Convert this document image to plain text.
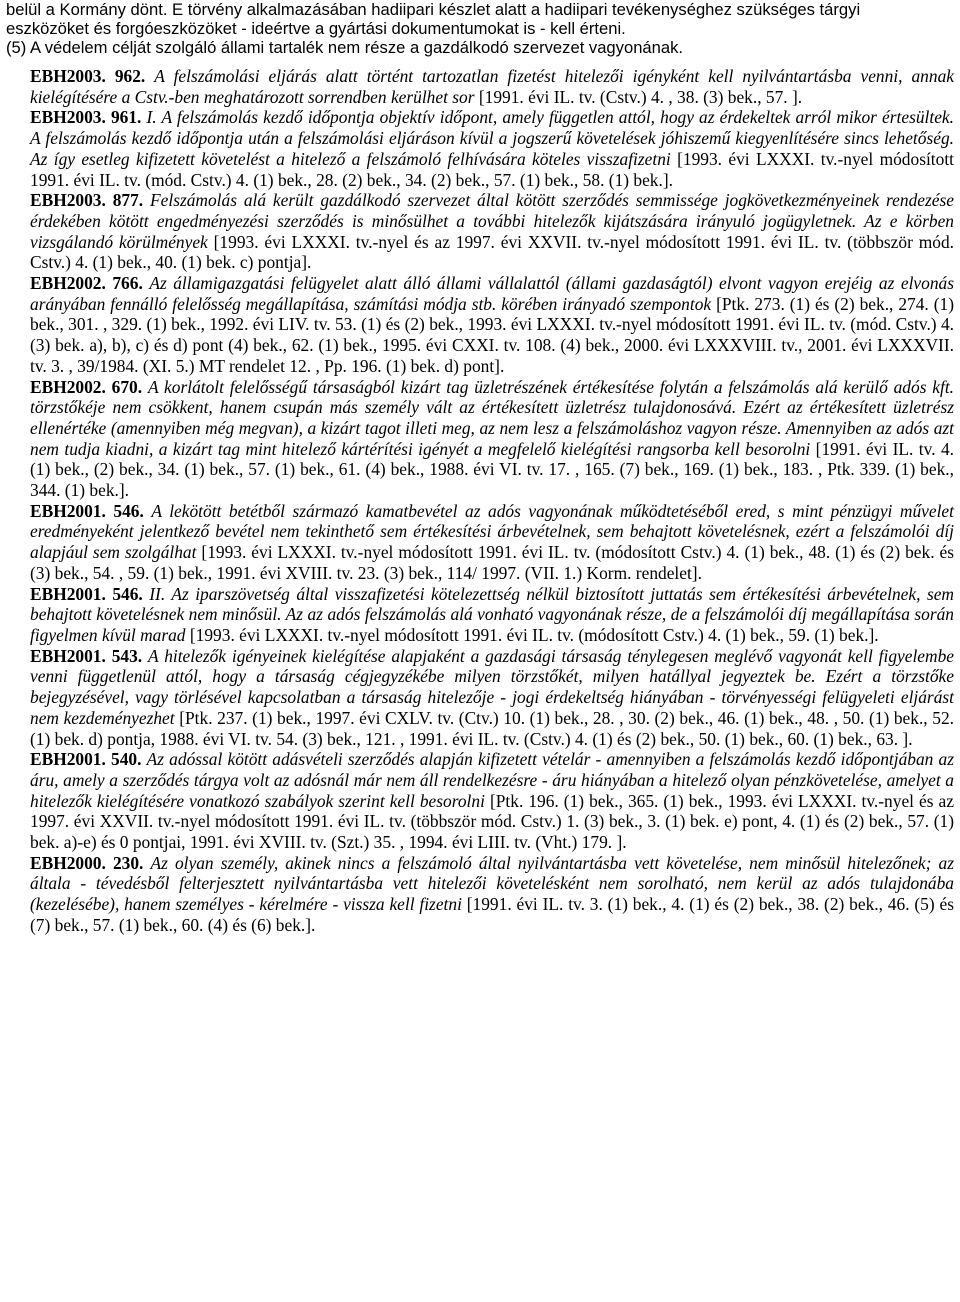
belül a Kormány dönt. E törvény alkalmazásában hadiipari készlet alatt a hadiipari tevékenységhez szükséges tárgyi
eszközöket és forgóeszközöket - ideértve a gyártási dokumentumokat is - kell érteni.
(5) A védelem célját szolgáló állami tartalék nem része a gazdálkodó szervezet vagyonának.

EBH2003. 962. A felszámolási eljárás alatt történt tartozatlan fizetést hitelezői igényként kell nyilvántartásba venni, annak kielégítésére a Cstv.-ben meghatározott sorrendben kerülhet sor [1991. évi IL. tv. (Cstv.) 4. , 38. (3) bek., 57. ].

EBH2003. 961. I. A felszámolás kezdő időpontja objektív időpont, amely független attól, hogy az érdekeltek arról mikor értesültek. A felszámolás kezdő időpontja után a felszámolási eljáráson kívül a jogszerű követelések jóhiszemű kiegyenlítésére sincs lehetőség. Az így esetleg kifizetett követelést a hitelező a felszámoló felhívására köteles visszafizetni [1993. évi LXXXI. tv.-nyel módosított 1991. évi IL. tv. (mód. Cstv.) 4. (1) bek., 28. (2) bek., 34. (2) bek., 57. (1) bek., 58. (1) bek.].

EBH2003. 877. Felszámolás alá került gazdálkodó szervezet által kötött szerződés semmissége jogkövetkezményeinek rendezése érdekében kötött engedményezési szerződés is minősülhet a további hitelezők kijátszására irányuló jogügyletnek. Az e körben vizsgálandó körülmények [1993. évi LXXXI. tv.-nyel és az 1997. évi XXVII. tv.-nyel módosított 1991. évi IL. tv. (többször mód. Cstv.) 4. (1) bek., 40. (1) bek. c) pontja].

EBH2002. 766. Az államigazgatási felügyelet alatt álló állami vállalattól (állami gazdaságtól) elvont vagyon erejéig az elvonás arányában fennálló felelősség megállapítása, számítási módja stb. körében irányadó szempontok [Ptk. 273. (1) és (2) bek., 274. (1) bek., 301. , 329. (1) bek., 1992. évi LIV. tv. 53. (1) és (2) bek., 1993. évi LXXXI. tv.-nyel módosított 1991. évi IL. tv. (mód. Cstv.) 4. (3) bek. a), b), c) és d) pont (4) bek., 62. (1) bek., 1995. évi CXXI. tv. 108. (4) bek., 2000. évi LXXXVIII. tv., 2001. évi LXXXVII. tv. 3. , 39/1984. (XI. 5.) MT rendelet 12. , Pp. 196. (1) bek. d) pont].

EBH2002. 670. A korlátolt felelősségű társaságból kizárt tag üzletrészének értékesítése folytán a felszámolás alá kerülő adós kft. törzstőkéje nem csökkent, hanem csupán más személy vált az értékesített üzletrész tulajdonosává. Ezért az értékesített üzletrész ellenértéke (amennyiben még megvan), a kizárt tagot illeti meg, az nem lesz a felszámoláshoz vagyon része. Amennyiben az adós azt nem tudja kiadni, a kizárt tag mint hitelező kártérítési igényét a megfelelő kielégítési rangsorba kell besorolni [1991. évi IL. tv. 4. (1) bek., (2) bek., 34. (1) bek., 57. (1) bek., 61. (4) bek., 1988. évi VI. tv. 17. , 165. (7) bek., 169. (1) bek., 183. , Ptk. 339. (1) bek., 344. (1) bek.].

EBH2001. 546. A lekötött betétből származó kamatbevétel az adós vagyonának működtetéséből ered, s mint pénzügyi művelet eredményeként jelentkező bevétel nem tekinthető sem értékesítési árbevételnek, sem behajtott követelésnek, ezért a felszámolói díj alapjául sem szolgálhat [1993. évi LXXXI. tv.-nyel módosított 1991. évi IL. tv. (módosított Cstv.) 4. (1) bek., 48. (1) és (2) bek. és (3) bek., 54. , 59. (1) bek., 1991. évi XVIII. tv. 23. (3) bek., 114/ 1997. (VII. 1.) Korm. rendelet].

EBH2001. 546. II. Az iparszövetség által visszafizetési kötelezettség nélkül biztosított juttatás sem értékesítési árbevételnek, sem behajtott követelésnek nem minősül. Az az adós felszámolás alá vonható vagyonának része, de a felszámolói díj megállapítása során figyelmen kívül marad [1993. évi LXXXI. tv.-nyel módosított 1991. évi IL. tv. (módosított Cstv.) 4. (1) bek., 59. (1) bek.].

EBH2001. 543. A hitelezők igényeinek kielégítése alapjaként a gazdasági társaság ténylegesen meglévő vagyonát kell figyelembe venni függetlenül attól, hogy a társaság cégjegyzékébe milyen törzstőkét, milyen hatállyal jegyeztek be. Ezért a törzstőke bejegyzésével, vagy törlésével kapcsolatban a társaság hitelezője - jogi érdekeltség hiányában - törvényességi felügyeleti eljárást nem kezdeményezhet [Ptk. 237. (1) bek., 1997. évi CXLV. tv. (Ctv.) 10. (1) bek., 28. , 30. (2) bek., 46. (1) bek., 48. , 50. (1) bek., 52. (1) bek. d) pontja, 1988. évi VI. tv. 54. (3) bek., 121. , 1991. évi IL. tv. (Cstv.) 4. (1) és (2) bek., 50. (1) bek., 60. (1) bek., 63. ].

EBH2001. 540. Az adóssal kötött adásvételi szerződés alapján kifizetett vételár - amennyiben a felszámolás kezdő időpontjában az áru, amely a szerződés tárgya volt az adósnál már nem áll rendelkezésre - áru hiányában a hitelező olyan pénzkövetelése, amelyet a hitelezők kielégítésére vonatkozó szabályok szerint kell besorolni [Ptk. 196. (1) bek., 365. (1) bek., 1993. évi LXXXI. tv.-nyel és az 1997. évi XXVII. tv.-nyel módosított 1991. évi IL. tv. (többször mód. Cstv.) 1. (3) bek., 3. (1) bek. e) pont, 4. (1) és (2) bek., 57. (1) bek. a)-e) és 0 pontjai, 1991. évi XVIII. tv. (Szt.) 35. , 1994. évi LIII. tv. (Vht.) 179. ].

EBH2000. 230. Az olyan személy, akinek nincs a felszámoló által nyilvántartásba vett követelése, nem minősül hitelezőnek; az általa - tévedésből felterjesztett nyilvántartásba vett hitelezői követelésként nem sorolható, nem kerül az adós tulajdonába (kezelésébe), hanem személyes - kérelmére - vissza kell fizetni [1991. évi IL. tv. 3. (1) bek., 4. (1) és (2) bek., 38. (2) bek., 46. (5) és (7) bek., 57. (1) bek., 60. (4) és (6) bek.].
